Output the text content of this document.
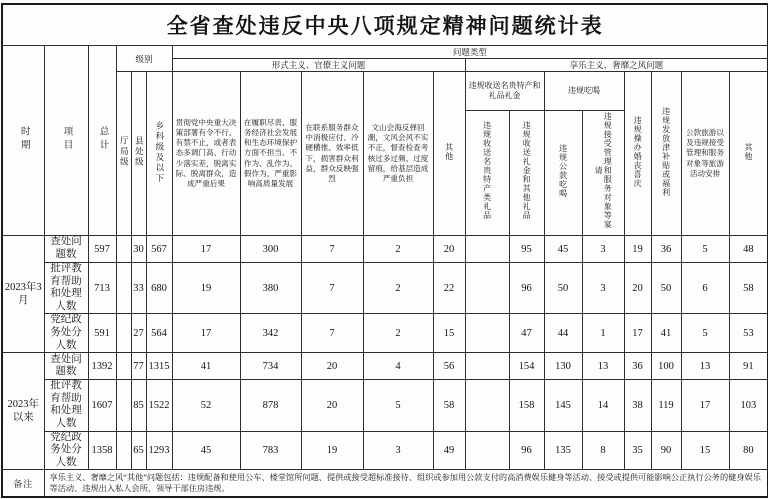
全省查处违反中央八项规定精神问题统计表																		
时期	项目	总计	级别			问题类型												
						形式主义、官僚主义问题					享乐主义、奢靡之风问题							
			厅局级	县处级	乡科级及以下	贯彻党中央重大决策部署有令不行、有禁不止，或者表态多调门高、行动少落实差，脱离实际、脱离群众，造成严重后果	在履职尽责、服务经济社会发展和生态环境保护方面不担当、不作为、乱作为、假作为，严重影响高质量发展	在联系服务群众中消极应付、冷硬横推、效率低下，损害群众利益，群众反映强烈	文山会海反弹回潮，文风会风不实不正，督查检查考核过多过频、过度留痕，给基层造成严重负担	其他	违规收送名贵特产和礼品礼金		违规吃喝		违规操办婚丧喜庆	违规发放津补贴或福利	公款旅游以及违规接受管理和服务对象等旅游活动安排	其他
											违规收送名贵特产类礼品	违规收送礼金和其他礼品	违规公款吃喝	违规接受管理和服务对象等宴请				
2023年3月	查处问题数	597		30	567	17	300	7	2	20		95	45	3	19	36	5	48
	批评教育帮助和处理人数	713		33	680	19	380	7	2	22		96	50	3	20	50	6	58
	党纪政务处分人数	591		27	564	17	342	7	2	15		47	44	1	17	41	5	53
2023年以来	查处问题数	1392		77	1315	41	734	20	4	56		154	130	13	36	100	13	91
	批评教育帮助和处理人数	1607		85	1522	52	878	20	5	58		158	145	14	38	119	17	103
	党纪政务处分人数	1358		65	1293	45	783	19	3	49		96	135	8	35	90	15	80
备注	享乐主义、奢靡之风“其他”问题包括：违规配备和使用公车、楼堂馆所问题、提供或接受超标准接待、组织或参加用公款支付的高消费娱乐健身等活动、接受或提供可能影响公正执行公务的健身娱乐等活动、违规出入私人会所、领导干部住房违规。																	
